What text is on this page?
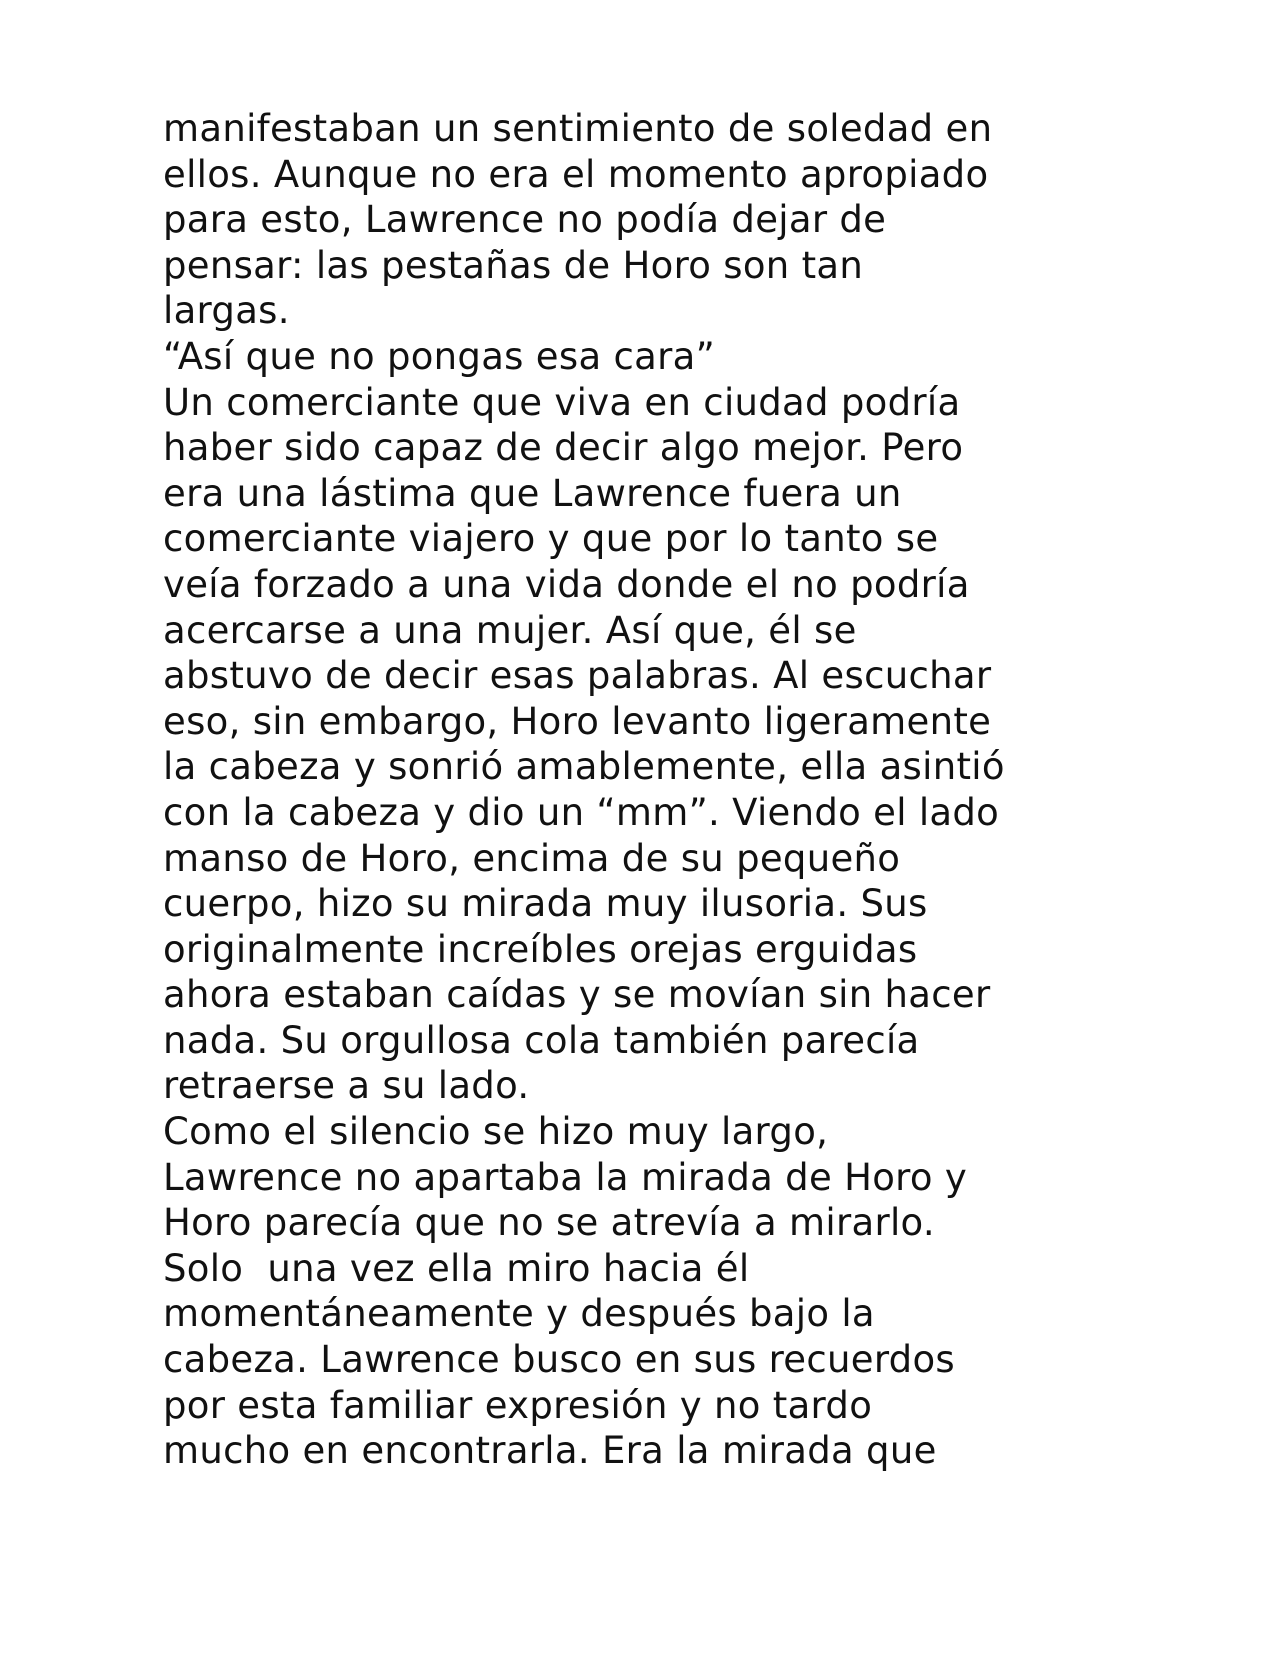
manifestaban un sentimiento de soledad en
ellos. Aunque no era el momento apropiado
para esto, Lawrence no podía dejar de
pensar: las pestañas de Horo son tan
largas.
“Así que no pongas esa cara”
Un comerciante que viva en ciudad podría
haber sido capaz de decir algo mejor. Pero
era una lástima que Lawrence fuera un
comerciante viajero y que por lo tanto se
veía forzado a una vida donde el no podría
acercarse a una mujer. Así que, él se
abstuvo de decir esas palabras. Al escuchar
eso, sin embargo, Horo levanto ligeramente
la cabeza y sonrió amablemente, ella asintió
con la cabeza y dio un “mm”. Viendo el lado
manso de Horo, encima de su pequeño
cuerpo, hizo su mirada muy ilusoria. Sus
originalmente increíbles orejas erguidas
ahora estaban caídas y se movían sin hacer
nada. Su orgullosa cola también parecía
retraerse a su lado.
Como el silencio se hizo muy largo,
Lawrence no apartaba la mirada de Horo y
Horo parecía que no se atrevía a mirarlo.
Solo  una vez ella miro hacia él
momentáneamente y después bajo la
cabeza. Lawrence busco en sus recuerdos
por esta familiar expresión y no tardo
mucho en encontrarla. Era la mirada que
